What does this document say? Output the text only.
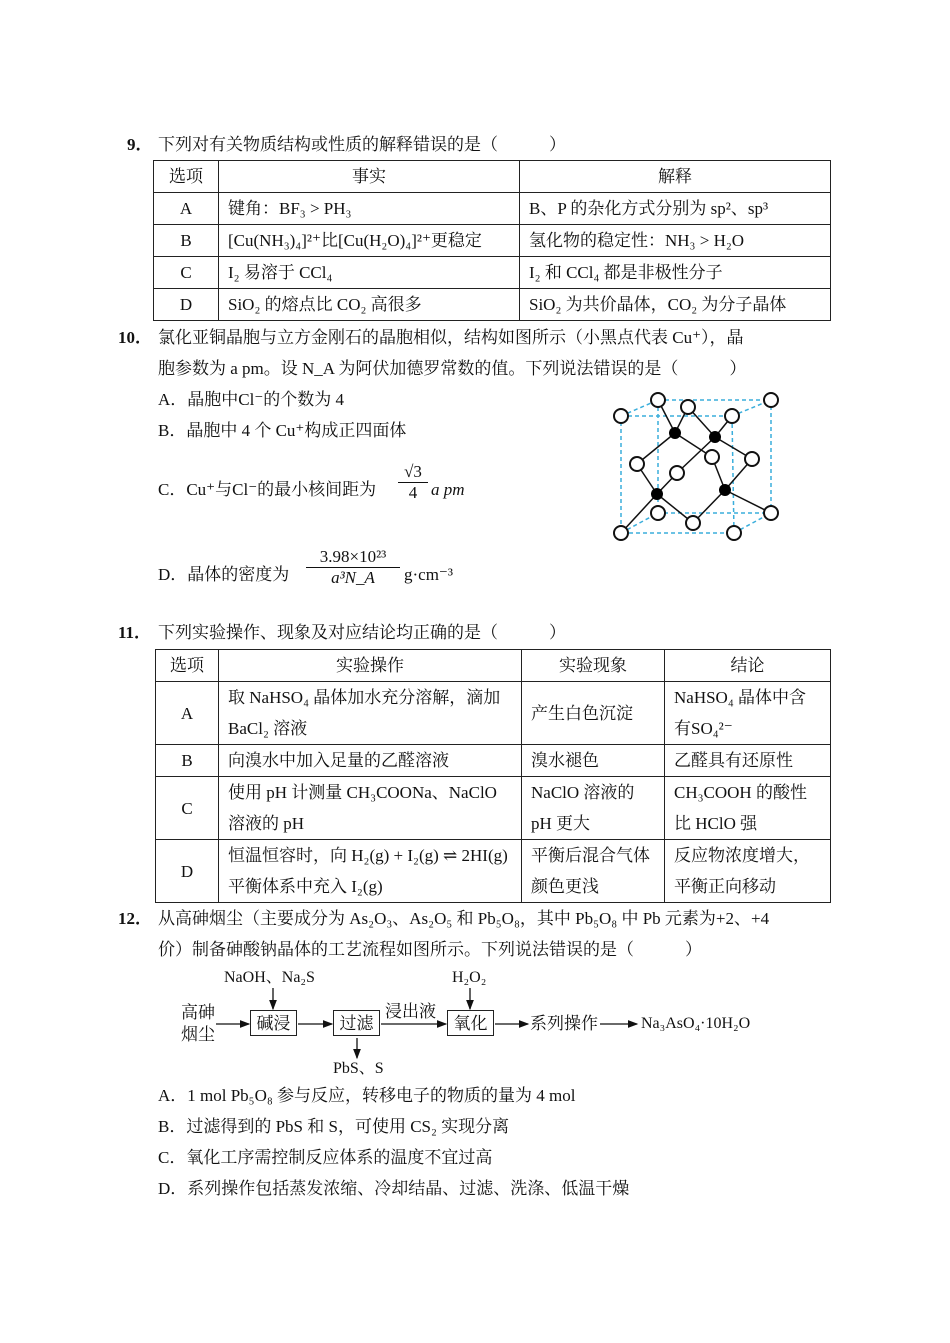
9． 下列对有关物质结构或性质的解释错误的是（　　　）
选项	事实	解释
A	键角：BF₃ > PH₃	B、P 的杂化方式分别为 sp²、sp³
B	[Cu(NH₃)₄]²⁺比[Cu(H₂O)₄]²⁺更稳定	氢化物的稳定性：NH₃ > H₂O
C	I₂ 易溶于 CCl₄	I₂ 和 CCl₄ 都是非极性分子
D	SiO₂ 的熔点比 CO₂ 高很多	SiO₂ 为共价晶体，CO₂ 为分子晶体
10． 氯化亚铜晶胞与立方金刚石的晶胞相似，结构如图所示（小黑点代表 Cu⁺），晶
胞参数为 a pm。设 N_A 为阿伏加德罗常数的值。下列说法错误的是（　　　）
A．晶胞中Cl⁻的个数为 4
B．晶胞中 4 个 Cu⁺构成正四面体
C．Cu⁺与Cl⁻的最小核间距为 $\frac{√3}{4}$ a pm
D．晶体的密度为 $\frac{\text{3.98×10²³}}{\text{a³N\_A}} g\cdot cm^{-3}$
11． 下列实验操作、现象及对应结论均正确的是（　　　）
选项	实验操作	实验现象	结论
A	取 NaHSO₄ 晶体加水充分溶解，滴加 BaCl₂ 溶液	产生白色沉淀	NaHSO₄ 晶体中含有SO₄²⁻
B	向溴水中加入足量的乙醛溶液	溴水褪色	乙醛具有还原性
C	使用 pH 计测量 CH₃COONa、NaClO 溶液的 pH	NaClO 溶液的pH 更大	CH₃COOH 的酸性比 HClO 强
D	恒温恒容时，向 H₂(g) + I₂(g) ⇌ 2HI(g)平衡体系中充入 I₂(g)	平衡后混合气体颜色更浅	反应物浓度增大，平衡正向移动
12． 从高砷烟尘（主要成分为 As₂O₃、As₂O₅ 和 Pb₅O₈，其中 Pb₅O₈ 中 Pb 元素为+2、+4
价）制备砷酸钠晶体的工艺流程如图所示。下列说法错误的是（　　　）
高砷
烟尘
NaOH、Na₂S
碱浸	过滤
浸出液
PbS、S
H₂O₂
氧化	系列操作	Na₃AsO₄·10H₂O
A．1 mol Pb₅O₈ 参与反应，转移电子的物质的量为 4 mol
B．过滤得到的 PbS 和 S，可使用 CS₂ 实现分离
C．氧化工序需控制反应体系的温度不宜过高
D．系列操作包括蒸发浓缩、冷却结晶、过滤、洗涤、低温干燥
